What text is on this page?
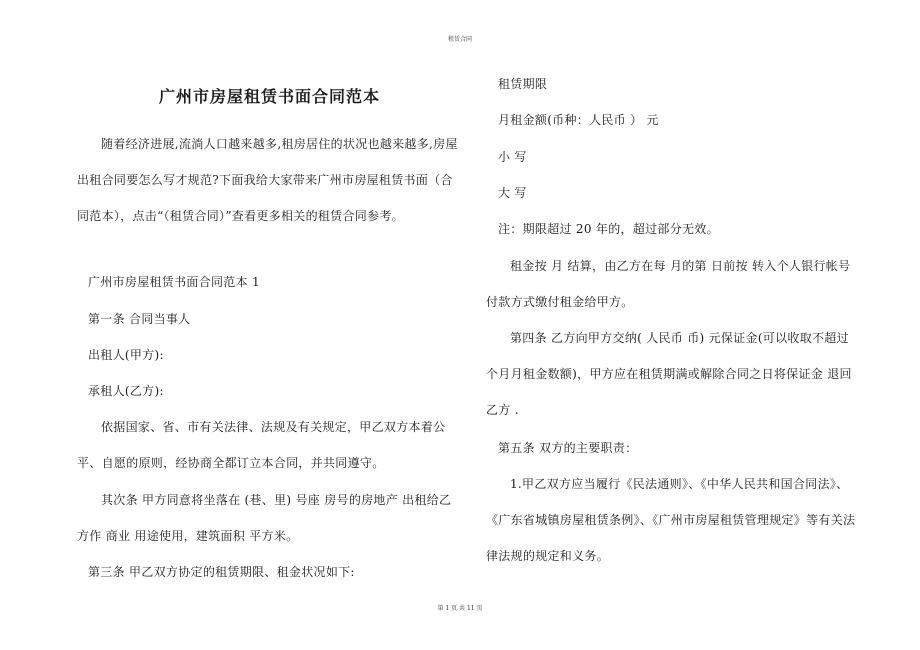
租赁合同
广州市房屋租赁书面合同范本

随着经济进展,流淌人口越来越多,租房居住的状况也越来越多,房屋出租合同要怎么写才规范?下面我给大家带来广州市房屋租赁书面（合同范本），点击“（租赁合同）”查看更多相关的租赁合同参考。

广州市房屋租赁书面合同范本 1
第一条 合同当事人
出租人(甲方):
承租人(乙方):

依据国家、省、市有关法律、法规及有关规定，甲乙双方本着公平、自愿的原则，经协商全都订立本合同，并共同遵守。

其次条 甲方同意将坐落在 (巷、里) 号座 房号的房地产 出租给乙方作 商业 用途使用，建筑面积 平方米。

第三条 甲乙双方协定的租赁期限、租金状况如下:
租赁期限
月租金额(币种：人民币 ） 元
小 写
大 写
注：期限超过 20 年的，超过部分无效。

租金按 月 结算，由乙方在每 月的第 日前按 转入个人银行帐号付款方式缴付租金给甲方。

第四条 乙方向甲方交纳( 人民币 币) 元保证金(可以收取不超过个月月租金数额)，甲方应在租赁期满或解除合同之日将保证金 退回乙方 .

第五条 双方的主要职责：

1.甲乙双方应当履行《民法通则》、《中华人民共和国合同法》、《广东省城镇房屋租赁条例》、《广州市房屋租赁管理规定》等有关法律法规的规定和义务。

第 1 页 共 11 页
